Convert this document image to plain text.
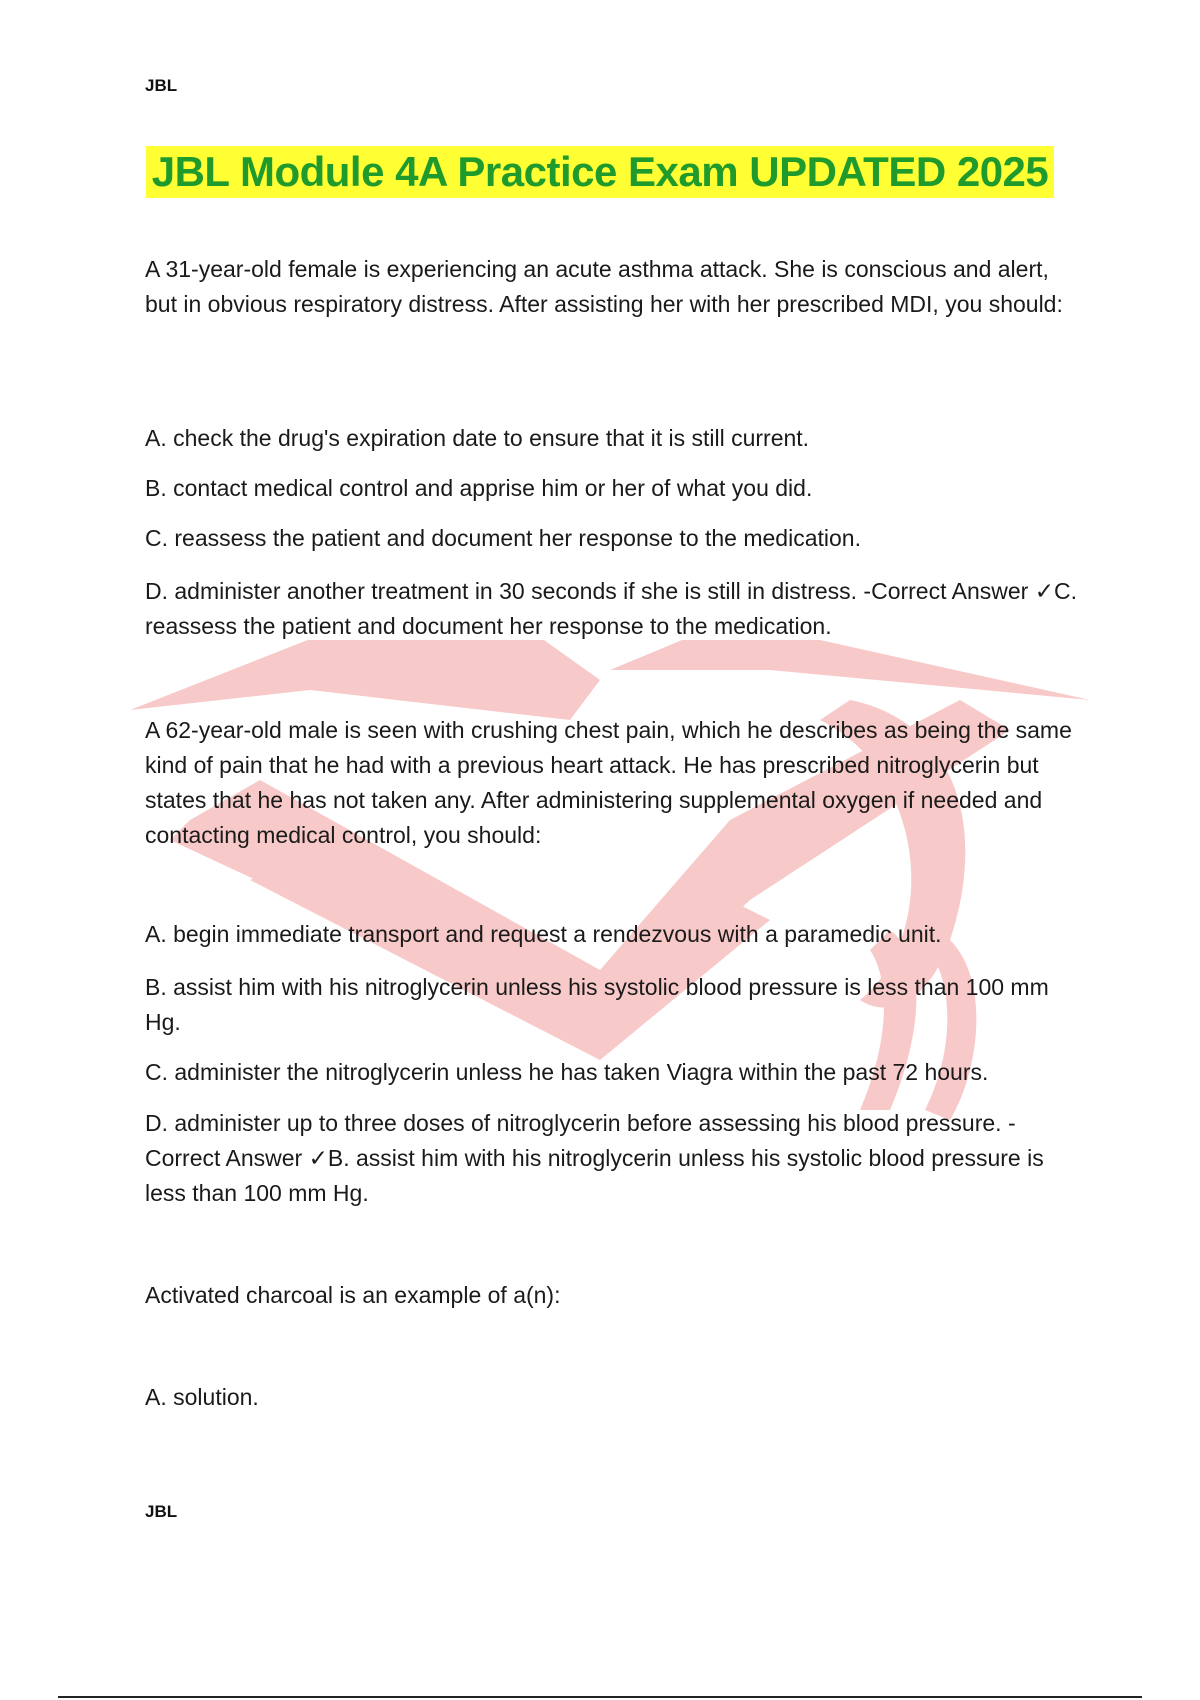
JBL
JBL Module 4A Practice Exam UPDATED 2025
A 31-year-old female is experiencing an acute asthma attack. She is conscious and alert, but in obvious respiratory distress. After assisting her with her prescribed MDI, you should:
A. check the drug's expiration date to ensure that it is still current.
B. contact medical control and apprise him or her of what you did.
C. reassess the patient and document her response to the medication.
D. administer another treatment in 30 seconds if she is still in distress. -Correct Answer ✓C. reassess the patient and document her response to the medication.
A 62-year-old male is seen with crushing chest pain, which he describes as being the same kind of pain that he had with a previous heart attack. He has prescribed nitroglycerin but states that he has not taken any. After administering supplemental oxygen if needed and contacting medical control, you should:
A. begin immediate transport and request a rendezvous with a paramedic unit.
B. assist him with his nitroglycerin unless his systolic blood pressure is less than 100 mm Hg.
C. administer the nitroglycerin unless he has taken Viagra within the past 72 hours.
D. administer up to three doses of nitroglycerin before assessing his blood pressure. -Correct Answer ✓B. assist him with his nitroglycerin unless his systolic blood pressure is less than 100 mm Hg.
Activated charcoal is an example of a(n):
A. solution.
JBL
